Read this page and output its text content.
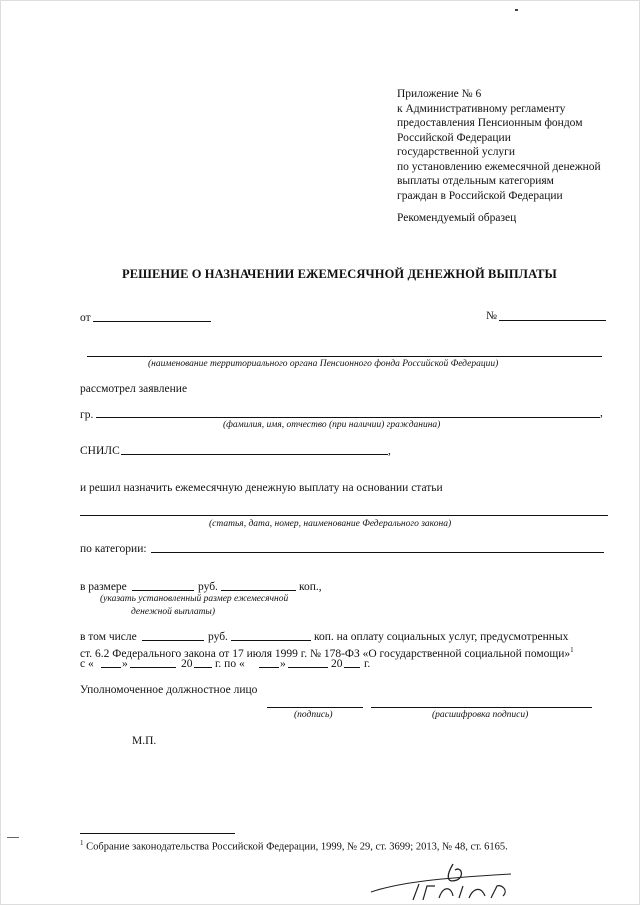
Приложение № 6
к Административному регламенту
предоставления Пенсионным фондом
Российской Федерации
государственной услуги
по установлению ежемесячной денежной
выплаты отдельным категориям
граждан в Российской Федерации
Рекомендуемый образец
РЕШЕНИЕ О НАЗНАЧЕНИИ ЕЖЕМЕСЯЧНОЙ ДЕНЕЖНОЙ ВЫПЛАТЫ
от	№
(наименование территориального органа Пенсионного фонда Российской Федерации)
рассмотрел заявление
гр.	,
(фамилия, имя, отчество (при наличии) гражданина)
СНИЛС	,
и решил назначить ежемесячную денежную выплату на основании статьи
(статья, дата, номер, наименование Федерального закона)
по категории:
в размере	руб.	коп.,
(указать установленный размер ежемесячной
денежной выплаты)
в том числе	руб.	коп. на оплату социальных услуг, предусмотренных
ст. 6.2 Федерального закона от 17 июля 1999 г. № 178-ФЗ «О государственной социальной помощи»$^1$
с « »	20 г. по «	»	20 г.
Уполномоченное должностное лицо
(подпись)	(расшифровка подписи)
М.П.
$^1$ Собрание законодательства Российской Федерации, 1999, № 29, ст. 3699; 2013, № 48, ст. 6165.
